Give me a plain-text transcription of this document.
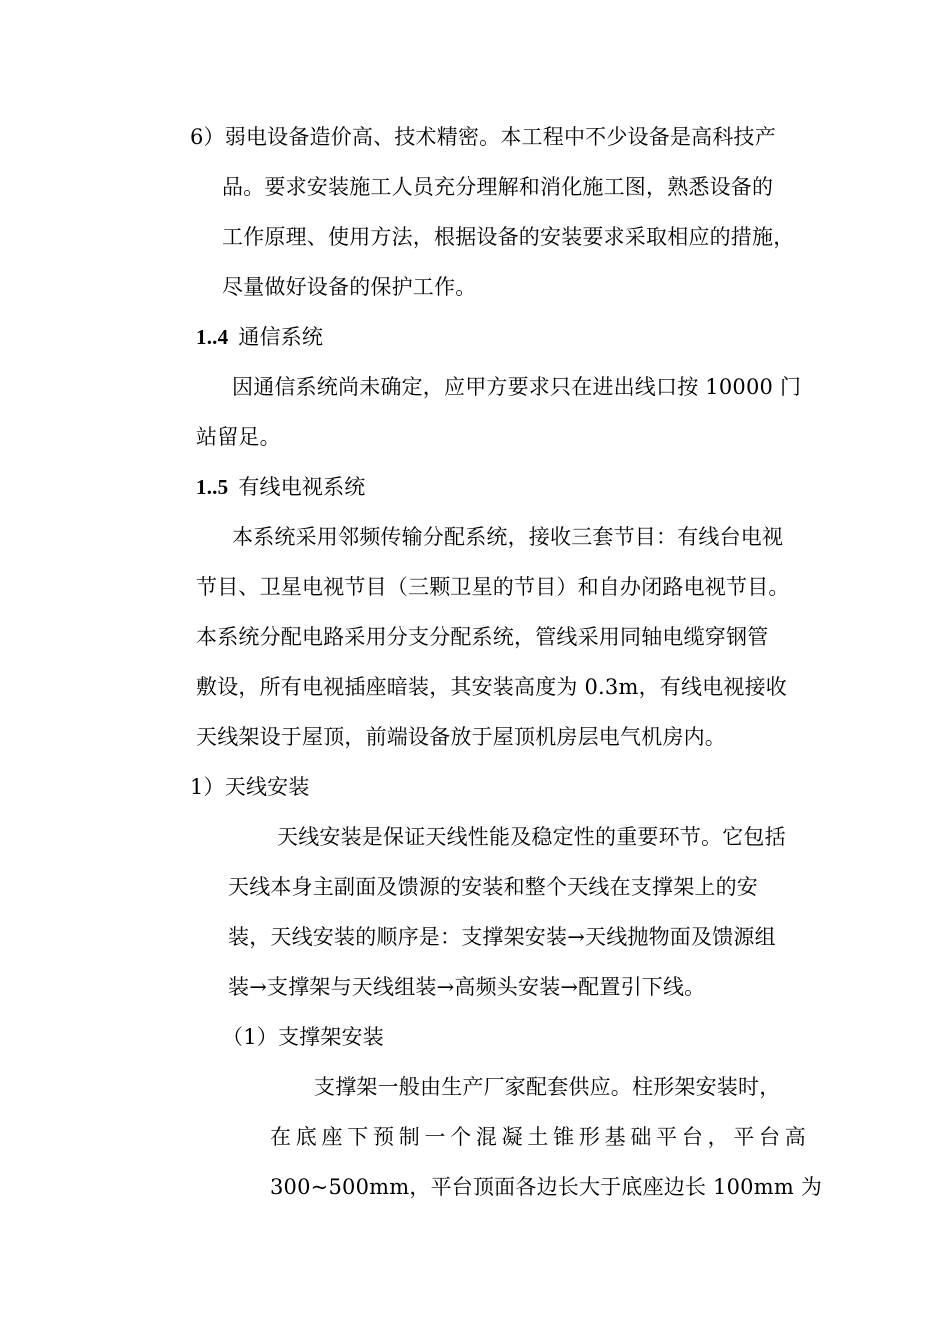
6）弱电设备造价高、技术精密。本工程中不少设备是高科技产
品。要求安装施工人员充分理解和消化施工图，熟悉设备的
工作原理、使用方法，根据设备的安装要求采取相应的措施，
尽量做好设备的保护工作。
1..4 通信系统
因通信系统尚未确定，应甲方要求只在进出线口按 10000 门
站留足。
1..5 有线电视系统
本系统采用邻频传输分配系统，接收三套节目：有线台电视
节目、卫星电视节目（三颗卫星的节目）和自办闭路电视节目。
本系统分配电路采用分支分配系统，管线采用同轴电缆穿钢管
敷设，所有电视插座暗装，其安装高度为 0.3m，有线电视接收
天线架设于屋顶，前端设备放于屋顶机房层电气机房内。
1）天线安装
天线安装是保证天线性能及稳定性的重要环节。它包括
天线本身主副面及馈源的安装和整个天线在支撑架上的安
装，天线安装的顺序是：支撑架安装→天线抛物面及馈源组
装→支撑架与天线组装→高频头安装→配置引下线。
（1）支撑架安装
支撑架一般由生产厂家配套供应。柱形架安装时，
在底座下预制一个混凝土锥形基础平台，平台高
300~500mm，平台顶面各边长大于底座边长 100mm 为
